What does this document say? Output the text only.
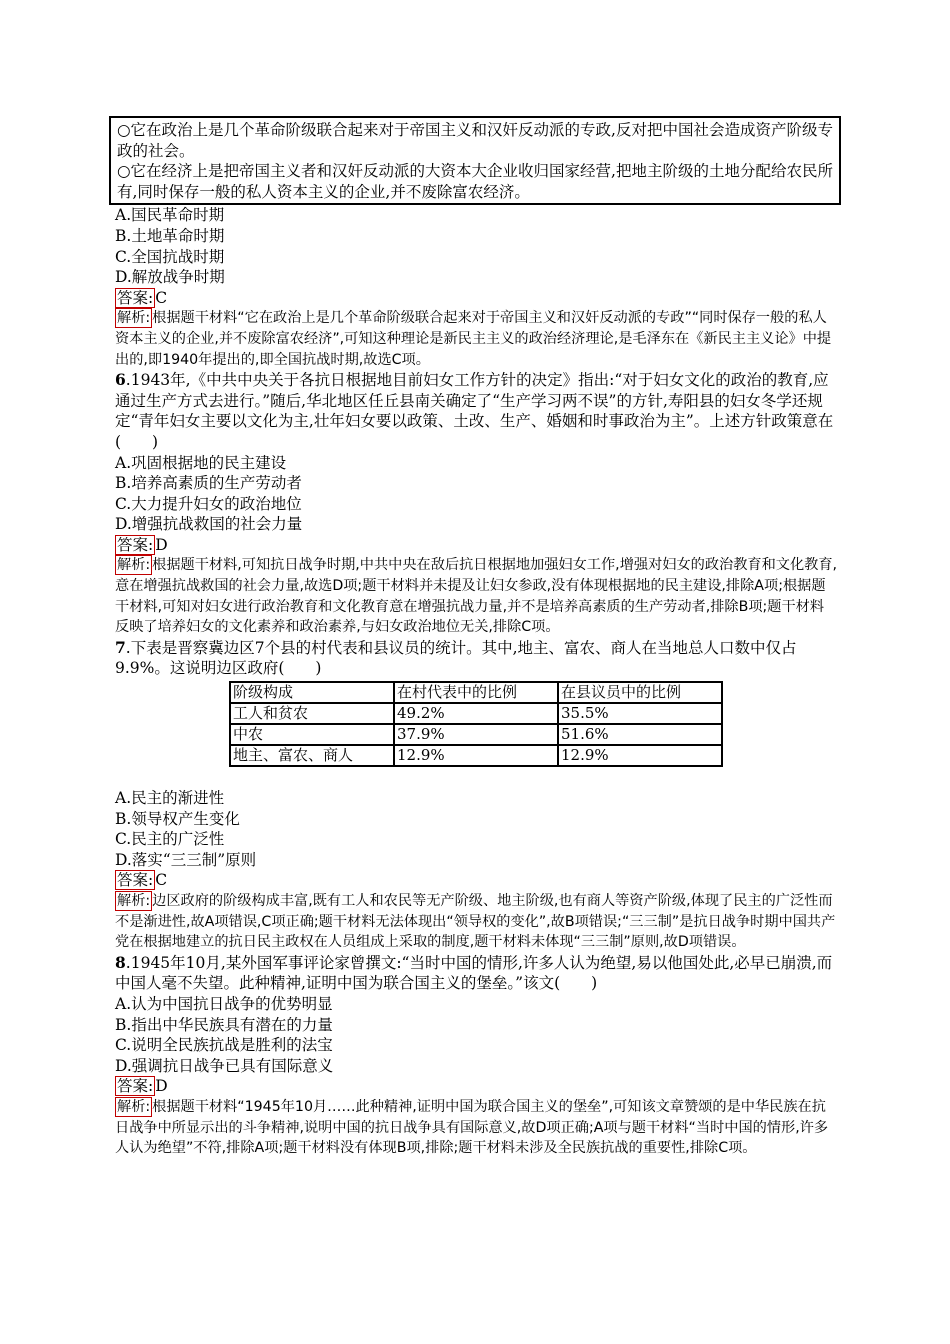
○它在政治上是几个革命阶级联合起来对于帝国主义和汉奸反动派的专政,反对把中国社会造成资产阶级专政的社会。

○它在经济上是把帝国主义者和汉奸反动派的大资本大企业收归国家经营,把地主阶级的土地分配给农民所有,同时保存一般的私人资本主义的企业,并不废除富农经济。

A.国民革命时期

B.土地革命时期

C.全国抗战时期

D.解放战争时期

答案: C

解析: 根据题干材料“它在政治上是几个革命阶级联合起来对于帝国主义和汉奸反动派的专政”“同时保存一般的私人资本主义的企业,并不废除富农经济”,可知这种理论是新民主主义的政治经济理论,是毛泽东在《新民主主义论》中提出的,即1940年提出的,即全国抗战时期,故选C项。

6.1943年,《中共中央关于各抗日根据地目前妇女工作方针的决定》指出:“对于妇女文化的政治的教育,应通过生产方式去进行。”随后,华北地区任丘县南关确定了“生产学习两不误”的方针,寿阳县的妇女冬学还规定“青年妇女主要以文化为主,壮年妇女要以政策、土改、生产、婚姻和时事政治为主”。上述方针政策意在(　　)

A.巩固根据地的民主建设

B.培养高素质的生产劳动者

C.大力提升妇女的政治地位

D.增强抗战救国的社会力量

答案: D

解析: 根据题干材料,可知抗日战争时期,中共中央在敌后抗日根据地加强妇女工作,增强对妇女的政治教育和文化教育,意在增强抗战救国的社会力量,故选D项;题干材料并未提及让妇女参政,没有体现根据地的民主建设,排除A项;根据题干材料,可知对妇女进行政治教育和文化教育意在增强抗战力量,并不是培养高素质的生产劳动者,排除B项;题干材料反映了培养妇女的文化素养和政治素养,与妇女政治地位无关,排除C项。

7.下表是晋察冀边区7个县的村代表和县议员的统计。其中,地主、富农、商人在当地总人口数中仅占9.9%。这说明边区政府(　　)

阶级构成	在村代表中的比例	在县议员中的比例
工人和贫农	49.2%	35.5%
中农	37.9%	51.6%
地主、富农、商人	12.9%	12.9%

A.民主的渐进性

B.领导权产生变化

C.民主的广泛性

D.落实“三三制”原则

答案: C

解析: 边区政府的阶级构成丰富,既有工人和农民等无产阶级、地主阶级,也有商人等资产阶级,体现了民主的广泛性而不是渐进性,故A项错误,C项正确;题干材料无法体现出“领导权的变化”,故B项错误;“三三制”是抗日战争时期中国共产党在根据地建立的抗日民主政权在人员组成上采取的制度,题干材料未体现“三三制”原则,故D项错误。

8.1945年10月,某外国军事评论家曾撰文:“当时中国的情形,许多人认为绝望,易以他国处此,必早已崩溃,而中国人毫不失望。此种精神,证明中国为联合国主义的堡垒。”该文(　　)

A.认为中国抗日战争的优势明显

B.指出中华民族具有潜在的力量

C.说明全民族抗战是胜利的法宝

D.强调抗日战争已具有国际意义

答案: D

解析: 根据题干材料“1945年10月……此种精神,证明中国为联合国主义的堡垒”,可知该文章赞颂的是中华民族在抗日战争中所显示出的斗争精神,说明中国的抗日战争具有国际意义,故D项正确;A项与题干材料“当时中国的情形,许多人认为绝望”不符,排除A项;题干材料没有体现B项,排除;题干材料未涉及全民族抗战的重要性,排除C项。
